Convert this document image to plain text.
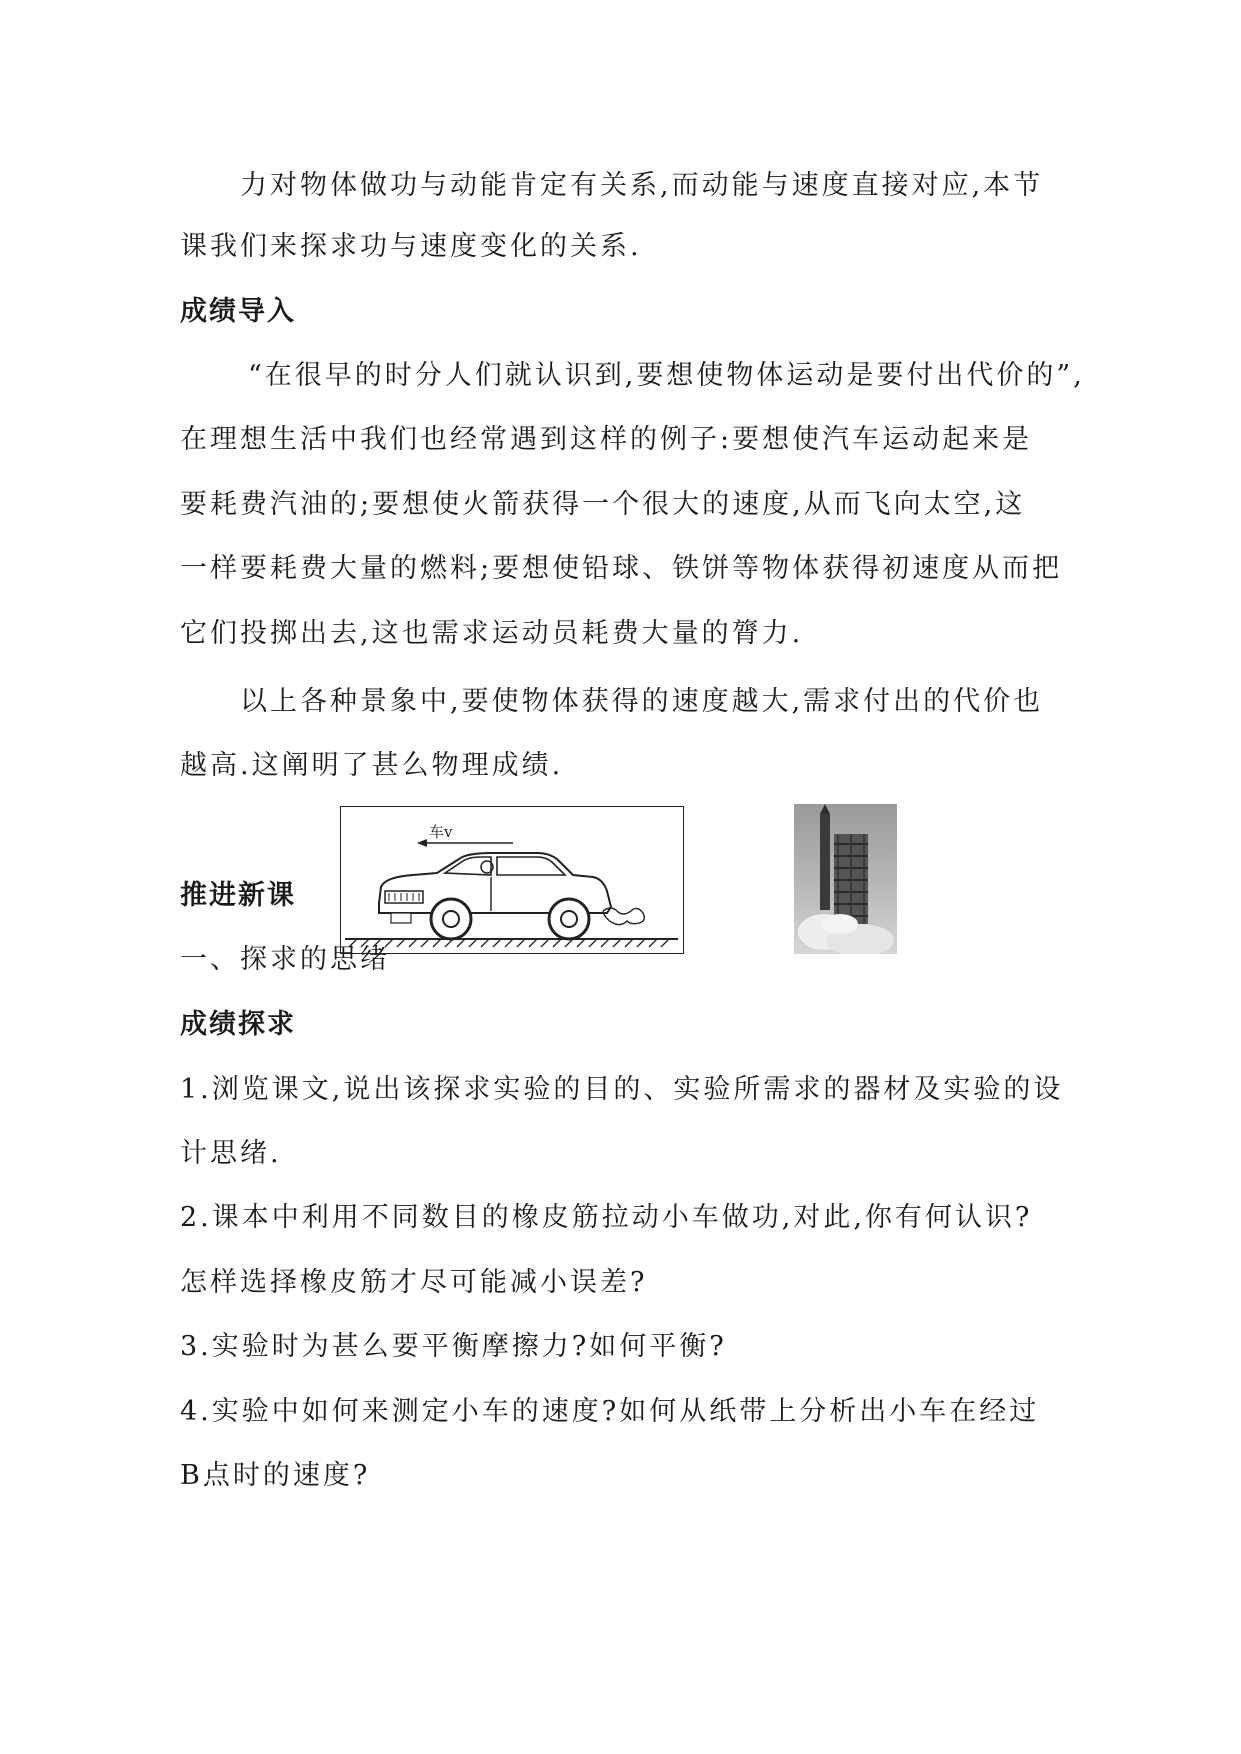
力对物体做功与动能肯定有关系,而动能与速度直接对应,本节
课我们来探求功与速度变化的关系.
成绩导入
“在很早的时分人们就认识到,要想使物体运动是要付出代价的”,
在理想生活中我们也经常遇到这样的例子:要想使汽车运动起来是
要耗费汽油的;要想使火箭获得一个很大的速度,从而飞向太空,这
一样要耗费大量的燃料;要想使铅球、铁饼等物体获得初速度从而把
它们投掷出去,这也需求运动员耗费大量的膂力.
以上各种景象中,要使物体获得的速度越大,需求付出的代价也
越高.这阐明了甚么物理成绩.
车v
推进新课
一、探求的思绪
成绩探求
1.浏览课文,说出该探求实验的目的、实验所需求的器材及实验的设
计思绪.
2.课本中利用不同数目的橡皮筋拉动小车做功,对此,你有何认识?
怎样选择橡皮筋才尽可能减小误差?
3.实验时为甚么要平衡摩擦力?如何平衡?
4.实验中如何来测定小车的速度?如何从纸带上分析出小车在经过
B点时的速度?
